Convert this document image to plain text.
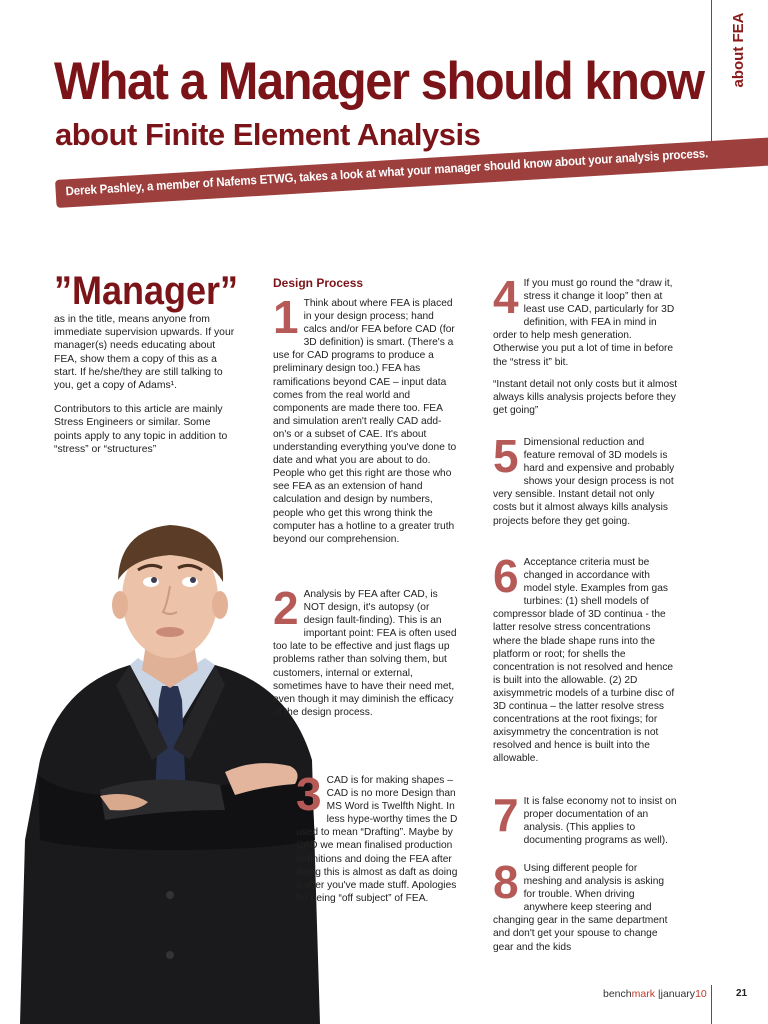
about FEA
What a Manager should know
about Finite Element Analysis
Derek Pashley, a member of Nafems ETWG, takes a look at what your manager should know about your analysis process.
”Manager”

as in the title, means anyone from immediate supervision upwards. If your manager(s) needs educating about FEA, show them a copy of this as a start. If he/she/they are still talking to you, get a copy of Adams¹.

Contributors to this article are mainly Stress Engineers or similar. Some points apply to any topic in addition to “stress” or “structures”

Design Process
1 Think about where FEA is placed in your design process; hand calcs and/or FEA before CAD (for 3D definition) is smart. (There's a use for CAD programs to produce a preliminary design too.) FEA has ramifications beyond CAE – input data comes from the real world and components are made there too. FEA and simulation aren't really CAD add-on's or a subset of CAE. It's about understanding everything you've done to date and what you are about to do. People who get this right are those who see FEA as an extension of hand calculation and design by numbers, people who get this wrong think the computer has a hotline to a greater truth beyond our comprehension.

2 Analysis by FEA after CAD, is NOT design, it's autopsy (or design fault-finding). This is an important point: FEA is often used too late to be effective and just flags up problems rather than solving them, but customers, internal or external, sometimes have to have their need met, even though it may diminish the efficacy of the design process.

3 CAD is for making shapes – CAD is no more Design than MS Word is Twelfth Night. In less hype-worthy times the D used to mean “Drafting”. Maybe by CAD we mean finalised production definitions and doing the FEA after doing this is almost as daft as doing it after you've made stuff. Apologies for being “off subject” of FEA.

4 If you must go round the “draw it, stress it change it loop” then at least use CAD, particularly for 3D definition, with FEA in mind in order to help mesh generation. Otherwise you put a lot of time in before the “stress it” bit.

“Instant detail not only costs but it almost always kills analysis projects before they get going”

5 Dimensional reduction and feature removal of 3D models is hard and expensive and probably shows your design process is not very sensible. Instant detail not only costs but it almost always kills analysis projects before they get going.

6 Acceptance criteria must be changed in accordance with model style. Examples from gas turbines: (1) shell models of compressor blade of 3D continua - the latter resolve stress concentrations where the blade shape runs into the platform or root; for shells the concentration is not resolved and hence is built into the allowable. (2) 2D axisymmetric models of a turbine disc of 3D continua – the latter resolve stress concentrations at the root fixings; for axisymmetry the concentration is not resolved and hence is built into the allowable.

7 It is false economy not to insist on proper documentation of an analysis. (This applies to documenting programs as well).

8 Using different people for meshing and analysis is asking for trouble. When driving anywhere keep steering and changing gear in the same department and don't get your spouse to change gear and the kids

benchmark |january10	21
